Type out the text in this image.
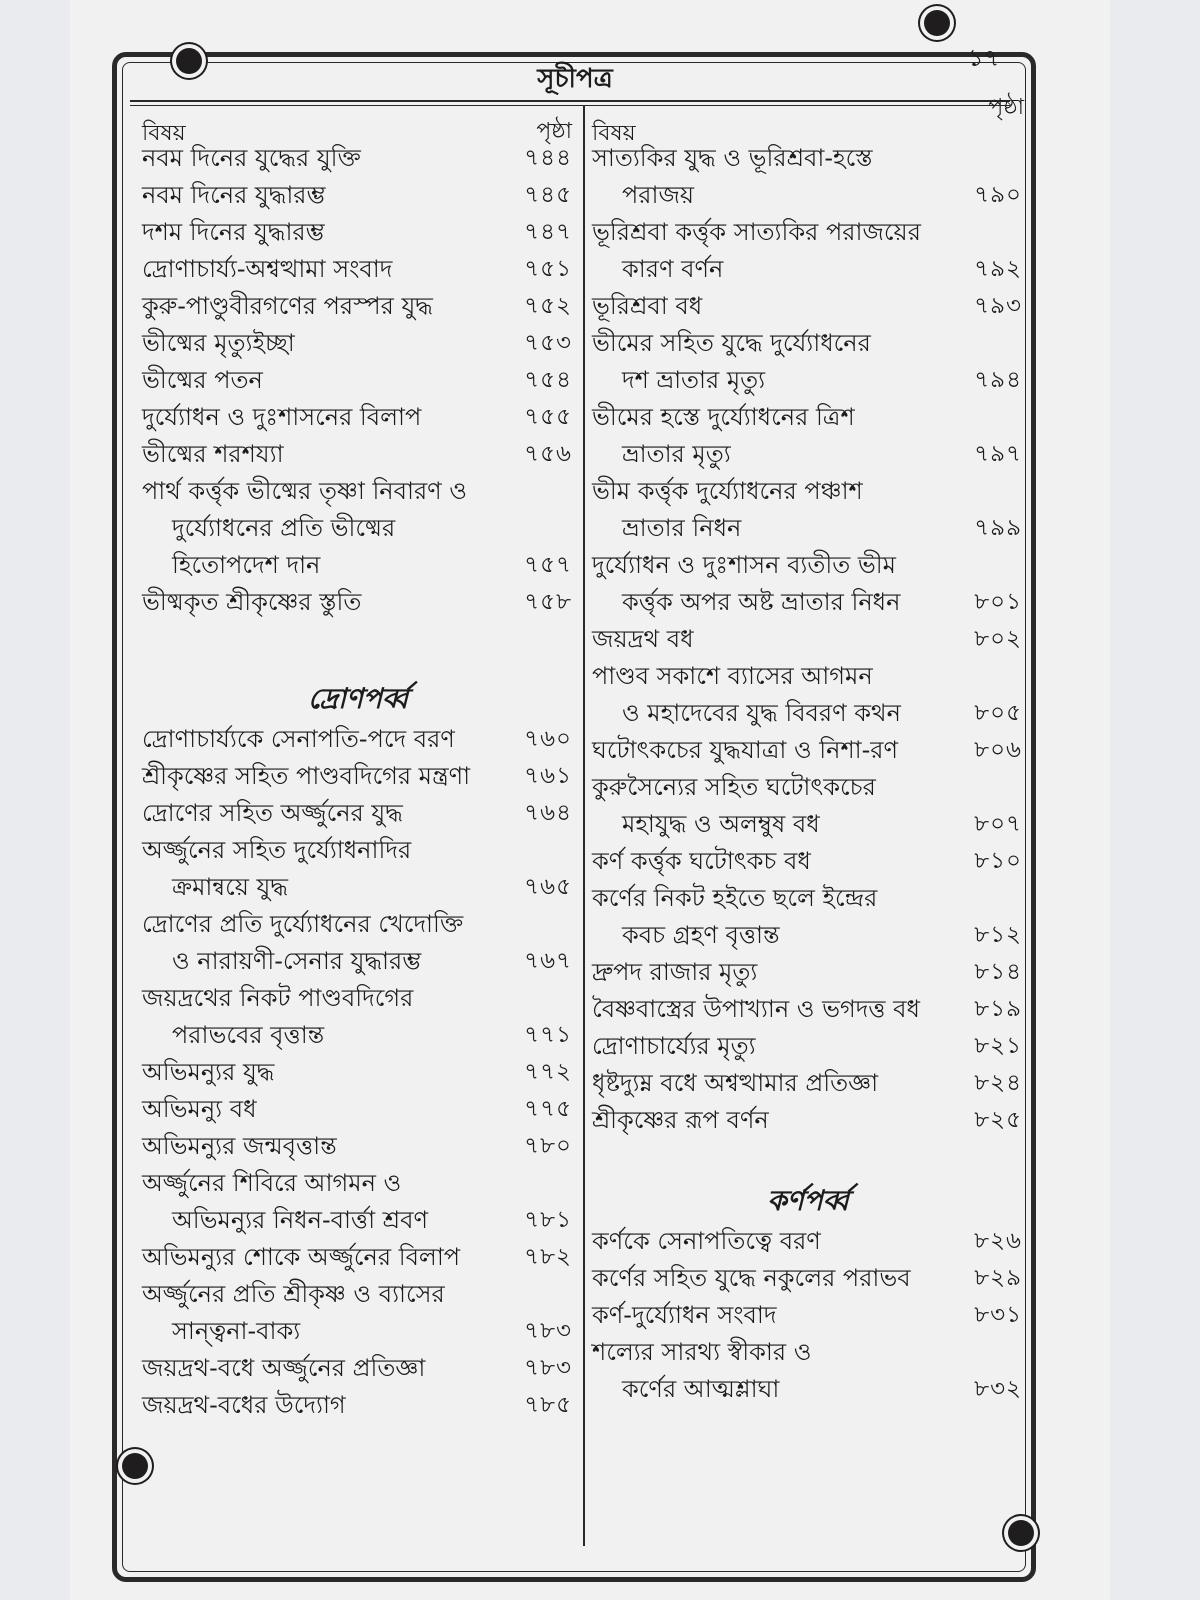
১৭
সূচীপত্র
বিষয়	পৃষ্ঠা
নবম দিনের যুদ্ধের যুক্তি	৭৪৪
নবম দিনের যুদ্ধারম্ভ	৭৪৫
দশম দিনের যুদ্ধারম্ভ	৭৪৭
দ্রোণাচার্য্য-অশ্বত্থামা সংবাদ	৭৫১
কুরু-পাণ্ডুবীরগণের পরস্পর যুদ্ধ	৭৫২
ভীষ্মের মৃত্যুইচ্ছা	৭৫৩
ভীষ্মের পতন	৭৫৪
দুর্য্যোধন ও দুঃশাসনের বিলাপ	৭৫৫
ভীষ্মের শরশয্যা	৭৫৬
পার্থ কর্ত্তৃক ভীষ্মের তৃষ্ণা নিবারণ ও
দুর্য্যোধনের প্রতি ভীষ্মের
হিতোপদেশ দান	৭৫৭
ভীষ্মকৃত শ্রীকৃষ্ণের স্তুতি	৭৫৮
দ্রোণপর্ব্ব
দ্রোণাচার্য্যকে সেনাপতি-পদে বরণ	৭৬০
শ্রীকৃষ্ণের সহিত পাণ্ডবদিগের মন্ত্রণা	৭৬১
দ্রোণের সহিত অর্জ্জুনের যুদ্ধ	৭৬৪
অর্জ্জুনের সহিত দুর্য্যোধনাদির
ক্রমান্বয়ে যুদ্ধ	৭৬৫
দ্রোণের প্রতি দুর্য্যোধনের খেদোক্তি
ও নারায়ণী-সেনার যুদ্ধারম্ভ	৭৬৭
জয়দ্রথের নিকট পাণ্ডবদিগের
পরাভবের বৃত্তান্ত	৭৭১
অভিমন্যুর যুদ্ধ	৭৭২
অভিমন্যু বধ	৭৭৫
অভিমন্যুর জন্মবৃত্তান্ত	৭৮০
অর্জ্জুনের শিবিরে আগমন ও
অভিমন্যুর নিধন-বার্ত্তা শ্রবণ	৭৮১
অভিমন্যুর শোকে অর্জ্জুনের বিলাপ	৭৮২
অর্জ্জুনের প্রতি শ্রীকৃষ্ণ ও ব্যাসের
সান্ত্বনা-বাক্য	৭৮৩
জয়দ্রথ-বধে অর্জ্জুনের প্রতিজ্ঞা	৭৮৩
জয়দ্রথ-বধের উদ্যোগ	৭৮৫
বিষয়
পৃষ্ঠা
সাত্যকির যুদ্ধ ও ভূরিশ্রবা-হস্তে
পরাজয়	৭৯০
ভূরিশ্রবা কর্ত্তৃক সাত্যকির পরাজয়ের
কারণ বর্ণন	৭৯২
ভূরিশ্রবা বধ	৭৯৩
ভীমের সহিত যুদ্ধে দুর্য্যোধনের
দশ ভ্রাতার মৃত্যু	৭৯৪
ভীমের হস্তে দুর্য্যোধনের ত্রিশ
ভ্রাতার মৃত্যু	৭৯৭
ভীম কর্ত্তৃক দুর্য্যোধনের পঞ্চাশ
ভ্রাতার নিধন	৭৯৯
দুর্য্যোধন ও দুঃশাসন ব্যতীত ভীম
কর্ত্তৃক অপর অষ্ট ভ্রাতার নিধন	৮০১
জয়দ্রথ বধ	৮০২
পাণ্ডব সকাশে ব্যাসের আগমন
ও মহাদেবের যুদ্ধ বিবরণ কথন	৮০৫
ঘটোৎকচের যুদ্ধযাত্রা ও নিশা-রণ	৮০৬
কুরুসৈন্যের সহিত ঘটোৎকচের
মহাযুদ্ধ ও অলম্বুষ বধ	৮০৭
কর্ণ কর্ত্তৃক ঘটোৎকচ বধ	৮১০
কর্ণের নিকট হইতে ছলে ইন্দ্রের
কবচ গ্রহণ বৃত্তান্ত	৮১২
দ্রুপদ রাজার মৃত্যু	৮১৪
বৈষ্ণবাস্ত্রের উপাখ্যান ও ভগদত্ত বধ	৮১৯
দ্রোণাচার্য্যের মৃত্যু	৮২১
ধৃষ্টদ্যুম্ন বধে অশ্বত্থামার প্রতিজ্ঞা	৮২৪
শ্রীকৃষ্ণের রূপ বর্ণন	৮২৫
কর্ণপর্ব্ব
কর্ণকে সেনাপতিত্বে বরণ	৮২৬
কর্ণের সহিত যুদ্ধে নকুলের পরাভব	৮২৯
কর্ণ-দুর্য্যোধন সংবাদ	৮৩১
শল্যের সারথ্য স্বীকার ও
কর্ণের আত্মশ্লাঘা	৮৩২
